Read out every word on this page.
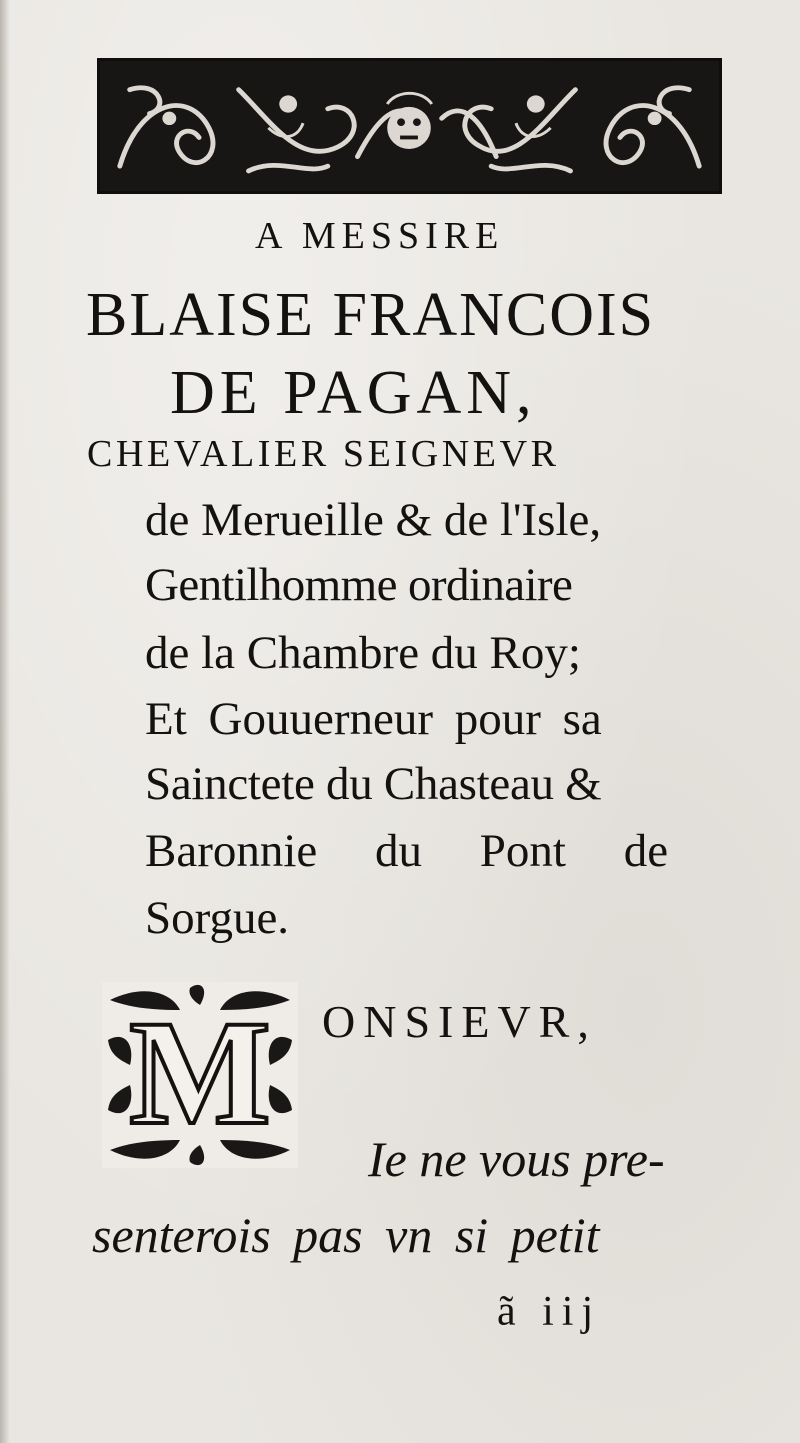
A MESSIRE
BLAISE FRANCOIS
DE PAGAN,
CHEVALIER SEIGNEVR
de Merueille & de l'Isle,
Gentilhomme ordinaire
de la Chambre du Roy;
Et Gouuerneur pour sa
Sainctete du Chasteau &
Baronnie du Pont de
Sorgue.
M	ONSIEVR,
Ie ne vous pre-
senterois pas vn si petit
ã iij
